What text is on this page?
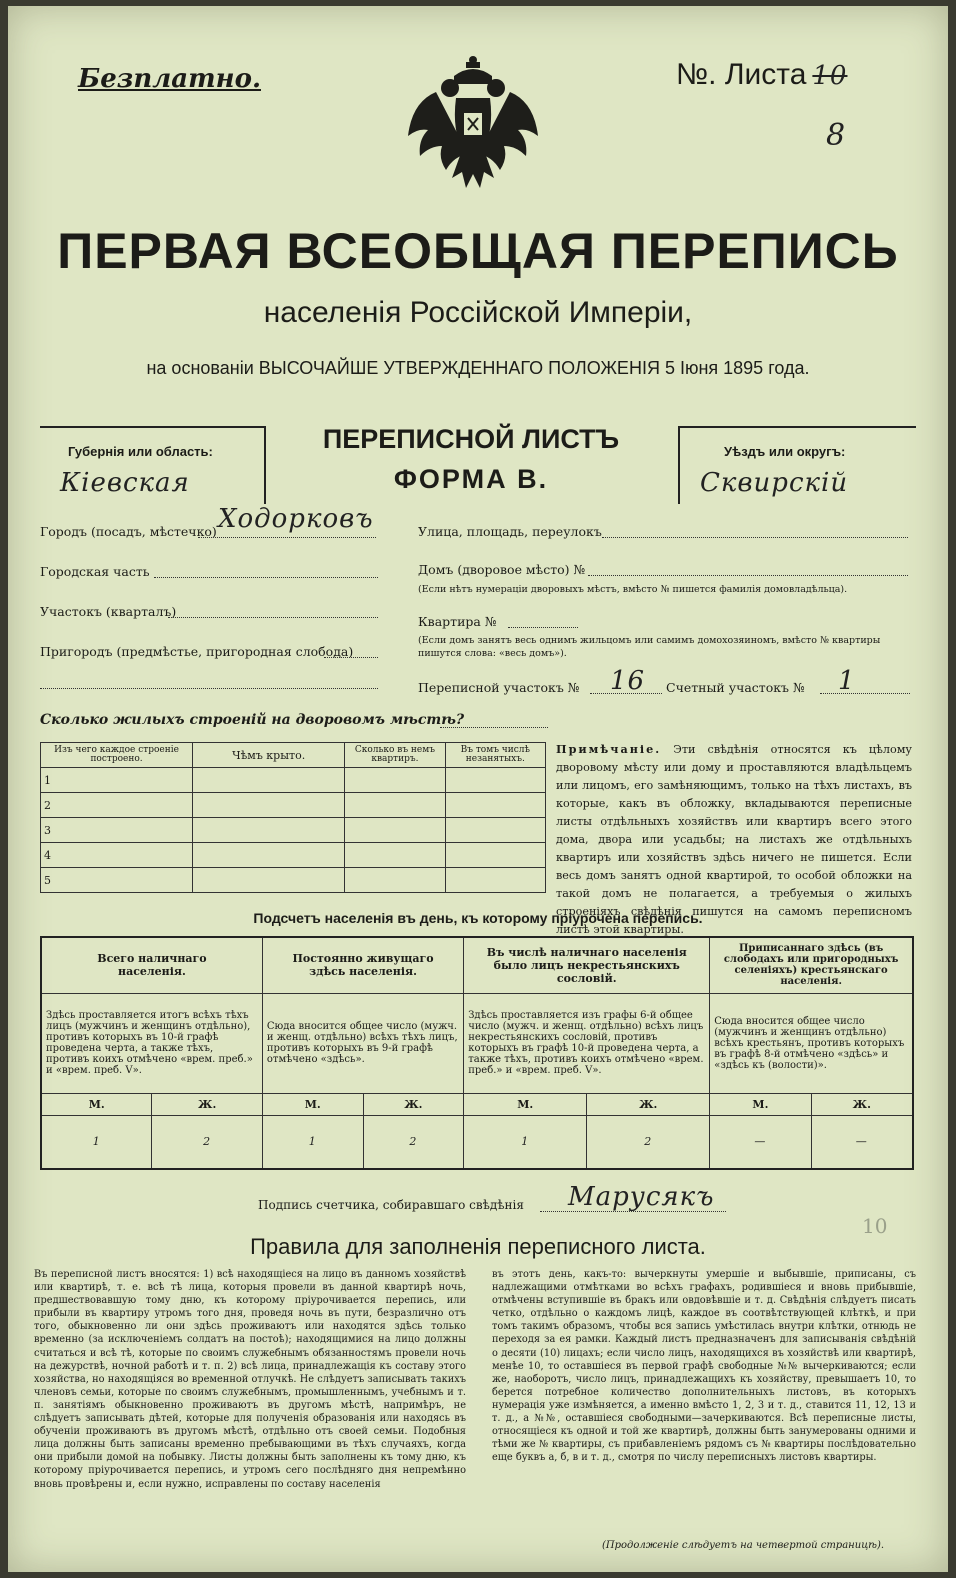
Безплатно.	№. Листа 10
8
ПЕРВАЯ ВСЕОБЩАЯ ПЕРЕПИСЬ
населенія Россійской Имперіи,
на основаніи ВЫСОЧАЙШЕ УТВЕРЖДЕННАГО ПОЛОЖЕНІЯ 5 Іюня 1895 года.
Губернія или область:
Кіевская
ПЕРЕПИСНОЙ ЛИСТЪ
ФОРМА В.
Уѣздъ или округъ:
Сквирскій
Городъ (посадъ, мѣстечко) Ходорковъ
Городская часть
Участокъ (кварталъ)
Пригородъ (предмѣстье, пригородная слобода)
Улица, площадь, переулокъ
Домъ (дворовое мѣсто) №
(Если нѣтъ нумераціи дворовыхъ мѣстъ, вмѣсто № пишется фамилія домовладѣльца).
Квартира №
(Если домъ занятъ весь однимъ жильцомъ или самимъ домохозяиномъ, вмѣсто № квартиры пишутся слова: «весь домъ»).
Переписной участокъ № 16 Счетный участокъ № 1
Сколько жилыхъ строеній на дворовомъ мѣстѣ?
Изъ чего каждое строеніе построено.	Чѣмъ крыто.	Сколько въ немъ квартиръ.	Въ томъ числѣ незанятыхъ.
1			
2			
3			
4			
5			
Примѣчаніе. Эти свѣдѣнія относятся къ цѣлому дворовому мѣсту или дому и проставляются владѣльцемъ или лицомъ, его замѣняющимъ, только на тѣхъ листахъ, въ которые, какъ въ обложку, вкладываются переписные листы отдѣльныхъ хозяйствъ или квартиръ всего этого дома, двора или усадьбы; на листахъ же отдѣльныхъ квартиръ или хозяйствъ здѣсь ничего не пишется. Если весь домъ занятъ одной квартирой, то особой обложки на такой домъ не полагается, а требуемыя о жилыхъ строеніяхъ свѣдѣнія пишутся на самомъ переписномъ листѣ этой квартиры.
Подсчетъ населенія въ день, къ которому пріурочена перепись.
Всего наличнаго населенія.		Постоянно живущаго здѣсь населенія.		Въ числѣ наличнаго населенія было лицъ некрестьянскихъ сословій.		Приписаннаго здѣсь (въ слободахъ или пригородныхъ селеніяхъ) крестьянскаго населенія.	
Здѣсь проставляется итогъ всѣхъ тѣхъ лицъ (мужчинъ и женщинъ отдѣльно), противъ которыхъ въ 10-й графѣ проведена черта, а также тѣхъ, противъ коихъ отмѣчено «врем. преб.» и «врем. преб. V».		Сюда вносится общее число (мужч. и женщ. отдѣльно) всѣхъ тѣхъ лицъ, противъ которыхъ въ 9-й графѣ отмѣчено «здѣсь».		Здѣсь проставляется изъ графы 6-й общее число (мужч. и женщ. отдѣльно) всѣхъ лицъ некрестьянскихъ сословій, противъ которыхъ въ графѣ 10-й проведена черта, а также тѣхъ, противъ коихъ отмѣчено «врем. преб.» и «врем. преб. V».		Сюда вносится общее число (мужчинъ и женщинъ отдѣльно) всѣхъ крестьянъ, противъ которыхъ въ графѣ 8-й отмѣчено «здѣсь» и «здѣсь къ (волости)».	
М.	Ж.	М.	Ж.	М.	Ж.	М.	Ж.
1	2	1	2	1	2	—	—
Подпись счетчика, собиравшаго свѣдѣнія Марусякъ
10
Правила для заполненія переписного листа.
Въ переписной листъ вносятся: 1) всѣ находящіеся на лицо въ данномъ хозяйствѣ или квартирѣ, т. е. всѣ тѣ лица, которыя провели въ данной квартирѣ ночь, предшествовавшую тому дню, къ которому пріурочивается перепись, или прибыли въ квартиру утромъ того дня, проведя ночь въ пути, безразлично отъ того, обыкновенно ли они здѣсь проживаютъ или находятся здѣсь только временно (за исключеніемъ солдатъ на постоѣ); находящимися на лицо должны считаться и всѣ тѣ, которые по своимъ служебнымъ обязанностямъ провели ночь на дежурствѣ, ночной работѣ и т. п. 2) всѣ лица, принадлежащія къ составу этого хозяйства, но находящіяся во временной отлучкѣ. Не слѣдуетъ записывать такихъ членовъ семьи, которые по своимъ служебнымъ, промышленнымъ, учебнымъ и т. п. занятіямъ обыкновенно проживаютъ въ другомъ мѣстѣ, напримѣръ, не слѣдуетъ записывать дѣтей, которые для полученія образованія или находясь въ обученіи проживаютъ въ другомъ мѣстѣ, отдѣльно отъ своей семьи. Подобныя лица должны быть записаны временно пребывающими въ тѣхъ случаяхъ, когда они прибыли домой на побывку. Листы должны быть заполнены къ тому дню, къ которому пріурочивается перепись, и утромъ сего послѣдняго дня непремѣнно вновь провѣрены и, если нужно, исправлены по составу населенія
въ этотъ день, какъ-то: вычеркнуты умершіе и выбывшіе, приписаны, съ надлежащими отмѣтками во всѣхъ графахъ, родившіеся и вновь прибывшіе, отмѣчены вступившіе въ бракъ или овдовѣвшіе и т. д. Свѣдѣнія слѣдуетъ писать четко, отдѣльно о каждомъ лицѣ, каждое въ соотвѣтствующей клѣткѣ, и при томъ такимъ образомъ, чтобы вся запись умѣстилась внутри клѣтки, отнюдь не переходя за ея рамки. Каждый листъ предназначенъ для записыванія свѣдѣній о десяти (10) лицахъ; если число лицъ, находящихся въ хозяйствѣ или квартирѣ, менѣе 10, то оставшіеся въ первой графѣ свободные №№ вычеркиваются; если же, наоборотъ, число лицъ, принадлежащихъ къ хозяйству, превышаетъ 10, то берется потребное количество дополнительныхъ листовъ, въ которыхъ нумерація уже измѣняется, а именно вмѣсто 1, 2, 3 и т. д., ставится 11, 12, 13 и т. д., а №№, оставшіеся свободными—зачеркиваются. Всѣ переписные листы, относящіеся къ одной и той же квартирѣ, должны быть занумерованы одними и тѣми же № квартиры, съ прибавленіемъ рядомъ съ № квартиры послѣдовательно еще буквъ а, б, в и т. д., смотря по числу переписныхъ листовъ квартиры.
(Продолженіе слѣдуетъ на четвертой страницѣ).
